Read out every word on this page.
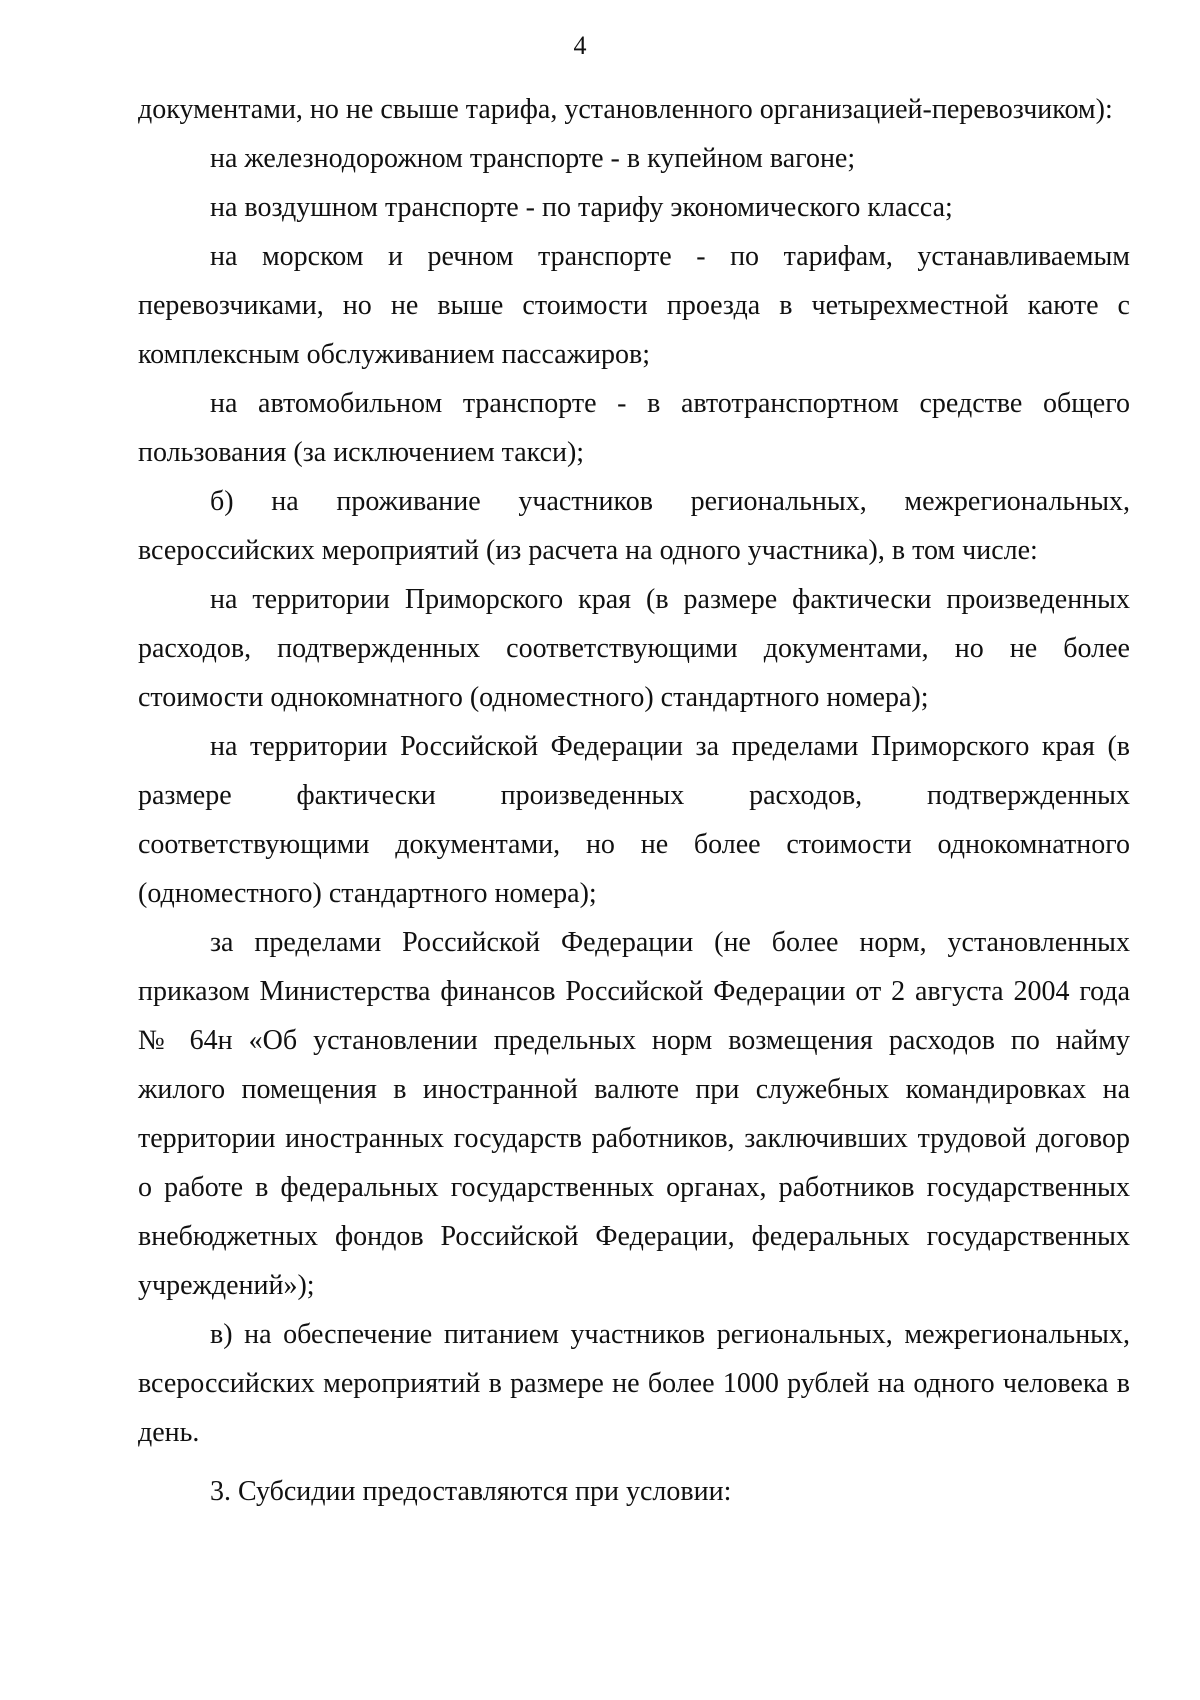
4

документами, но не свыше тарифа, установленного организацией-перевозчиком):

на железнодорожном транспорте - в купейном вагоне;

на воздушном транспорте - по тарифу экономического класса;

на морском и речном транспорте - по тарифам, устанавливаемым перевозчиками, но не выше стоимости проезда в четырехместной каюте с комплексным обслуживанием пассажиров;

на автомобильном транспорте - в автотранспортном средстве общего пользования (за исключением такси);

б) на проживание участников региональных, межрегиональных, всероссийских мероприятий (из расчета на одного участника), в том числе:

на территории Приморского края (в размере фактически произведенных расходов, подтвержденных соответствующими документами, но не более стоимости однокомнатного (одноместного) стандартного номера);

на территории Российской Федерации за пределами Приморского края (в размере фактически произведенных расходов, подтвержденных соответствующими документами, но не более стоимости однокомнатного (одноместного) стандартного номера);

за пределами Российской Федерации (не более норм, установленных приказом Министерства финансов Российской Федерации от 2 августа 2004 года № 64н «Об установлении предельных норм возмещения расходов по найму жилого помещения в иностранной валюте при служебных командировках на территории иностранных государств работников, заключивших трудовой договор о работе в федеральных государственных органах, работников государственных внебюджетных фондов Российской Федерации, федеральных государственных учреждений»);

в) на обеспечение питанием участников региональных, межрегиональных, всероссийских мероприятий в размере не более 1000 рублей на одного человека в день.

3. Субсидии предоставляются при условии:
